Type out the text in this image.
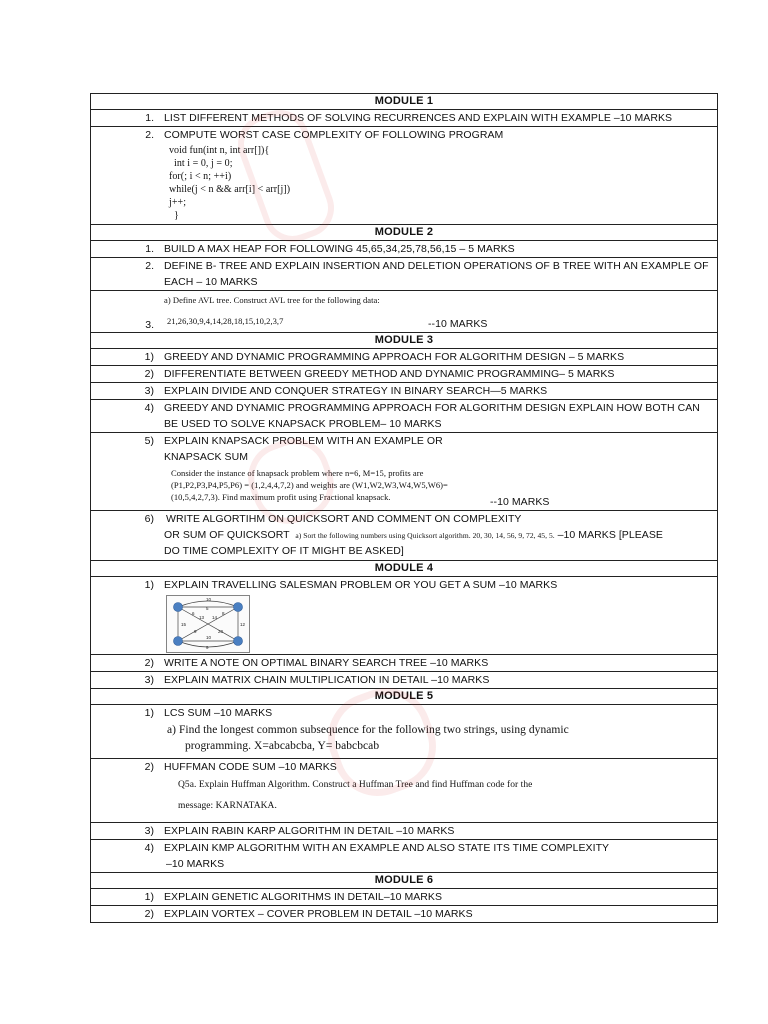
MODULE 1
1. LIST DIFFERENT METHODS OF SOLVING RECURRENCES AND EXPLAIN WITH EXAMPLE –10 MARKS
2. COMPUTE WORST CASE COMPLEXITY OF FOLLOWING PROGRAM
void fun(int n, int arr[]){
int i = 0, j = 0;
for(; i < n; ++i)
while(j < n && arr[i] < arr[j])
j++;
}
MODULE 2
1. BUILD A MAX HEAP FOR FOLLOWING 45,65,34,25,78,56,15 – 5 MARKS
2. DEFINE B- TREE AND EXPLAIN INSERTION AND DELETION OPERATIONS OF B TREE WITH AN EXAMPLE OF EACH – 10 MARKS
3.
a) Define AVL tree. Construct AVL tree for the following data:
21,26,30,9,4,14,28,18,15,10,2,3,7	--10 MARKS
MODULE 3
1) GREEDY AND DYNAMIC PROGRAMMING APPROACH FOR ALGORITHM DESIGN – 5 MARKS
2) DIFFERENTIATE BETWEEN GREEDY METHOD AND DYNAMIC PROGRAMMING– 5 MARKS
3) EXPLAIN DIVIDE AND CONQUER STRATEGY IN BINARY SEARCH—5 MARKS
4) GREEDY AND DYNAMIC PROGRAMMING APPROACH FOR ALGORITHM DESIGN EXPLAIN HOW BOTH CAN BE USED TO SOLVE KNAPSACK PROBLEM– 10 MARKS
5) EXPLAIN KNAPSACK PROBLEM WITH AN EXAMPLE OR
KNAPSACK SUM
Consider the instance of knapsack problem where n=6, M=15, profits are
(P1,P2,P3,P4,P5,P6) = (1,2,4,4,7,2) and weights are (W1,W2,W3,W4,W5,W6)=
(10,5,4,2,7,3). Find maximum profit using Fractional knapsack.	--10 MARKS
6)	WRITE ALGORTIHM ON QUICKSORT AND COMMENT ON COMPLEXITY
OR SUM OF QUICKSORT a) Sort the following numbers using Quicksort algorithm. 20, 30, 14, 56, 9, 72, 45, 5. –10 MARKS [PLEASE
DO TIME COMPLEXITY OF IT MIGHT BE ASKED]
MODULE 4
1) EXPLAIN TRAVELLING SALESMAN PROBLEM OR YOU GET A SUM –10 MARKS
10
5
6
13 14
8
15
9
12
10
20
9
2) WRITE A NOTE ON OPTIMAL BINARY SEARCH TREE –10 MARKS
3) EXPLAIN MATRIX CHAIN MULTIPLICATION IN DETAIL –10 MARKS
MODULE 5
1) LCS SUM –10 MARKS
a) Find the longest common subsequence for the following two strings, using dynamic
programming. X=abcabcba, Y= babcbcab
2) HUFFMAN CODE SUM –10 MARKS
Q5a. Explain Huffman Algorithm. Construct a Huffman Tree and find Huffman code for the
message: KARNATAKA.
3) EXPLAIN RABIN KARP ALGORITHM IN DETAIL –10 MARKS
4) EXPLAIN KMP ALGORITHM WITH AN EXAMPLE AND ALSO STATE ITS TIME COMPLEXITY
–10 MARKS
MODULE 6
1) EXPLAIN GENETIC ALGORITHMS IN DETAIL–10 MARKS
2) EXPLAIN VORTEX – COVER PROBLEM IN DETAIL –10 MARKS
